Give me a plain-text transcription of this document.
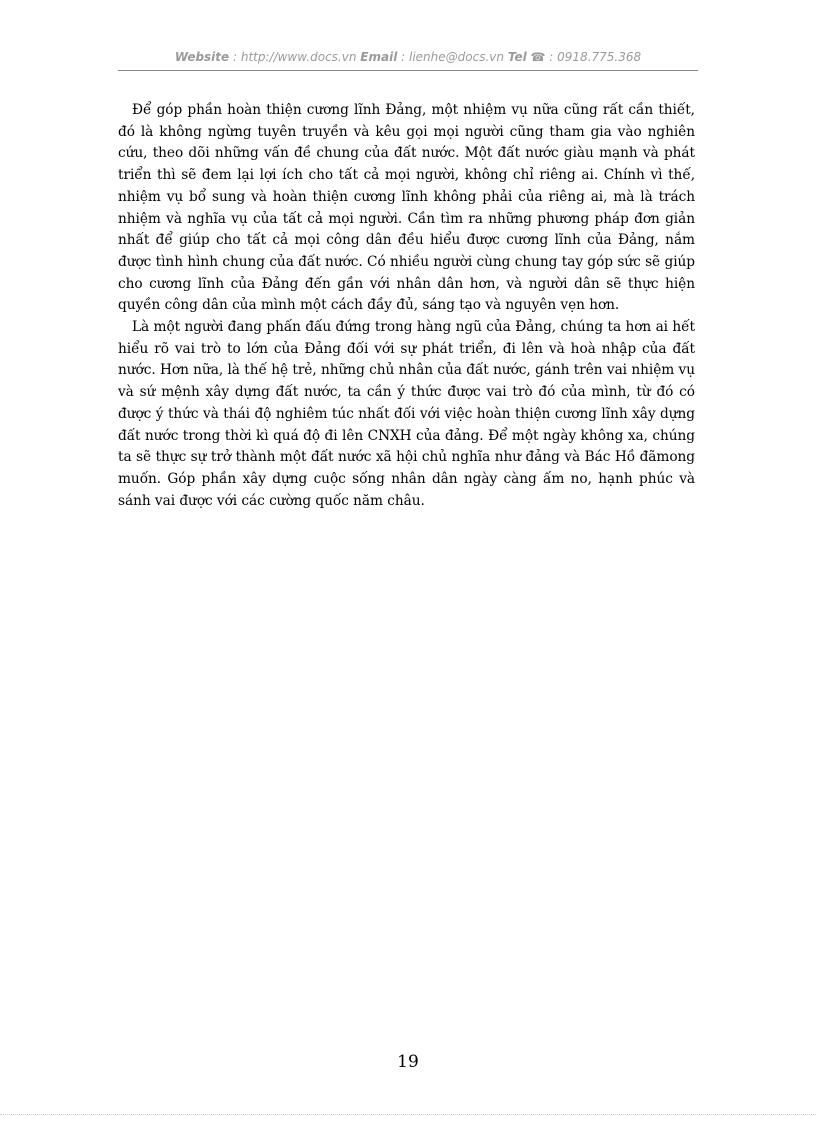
Website : http://www.docs.vn Email : lienhe@docs.vn Tel ☎ : 0918.775.368

Để góp phần hoàn thiện cương lĩnh Đảng, một nhiệm vụ nữa cũng rất cần thiết, đó là không ngừng tuyên truyền và kêu gọi mọi người cũng tham gia vào nghiên cứu, theo dõi những vấn đề chung của đất nước. Một đất nước giàu mạnh và phát triển thì sẽ đem lại lợi ích cho tất cả mọi người, không chỉ riêng ai. Chính vì thế, nhiệm vụ bổ sung và hoàn thiện cương lĩnh không phải của riêng ai, mà là trách nhiệm và nghĩa vụ của tất cả mọi người. Cần tìm ra những phương pháp đơn giản nhất để giúp cho tất cả mọi công dân đều hiểu được cương lĩnh của Đảng, nắm được tình hình chung của đất nước. Có nhiều người cùng chung tay góp sức sẽ giúp cho cương lĩnh của Đảng đến gần với nhân dân hơn, và người dân sẽ thực hiện quyền công dân của mình một cách đầy đủ, sáng tạo và nguyên vẹn hơn.

Là một người đang phấn đấu đứng trong hàng ngũ của Đảng, chúng ta hơn ai hết hiểu rõ vai trò to lớn của Đảng đối với sự phát triển, đi lên và hoà nhập của đất nước. Hơn nữa, là thế hệ trẻ, những chủ nhân của đất nước, gánh trên vai nhiệm vụ và sứ mệnh xây dựng đất nước, ta cần ý thức được vai trò đó của mình, từ đó có được ý thức và thái độ nghiêm túc nhất đối với việc hoàn thiện cương lĩnh xây dựng đất nước trong thời kì quá độ đi lên CNXH của đảng. Để một ngày không xa, chúng ta sẽ thực sự trở thành một đất nước xã hội chủ nghĩa như đảng và Bác Hồ đãmong muốn. Góp phần xây dựng cuộc sống nhân dân ngày càng ấm no, hạnh phúc và sánh vai được với các cường quốc năm châu.

19
